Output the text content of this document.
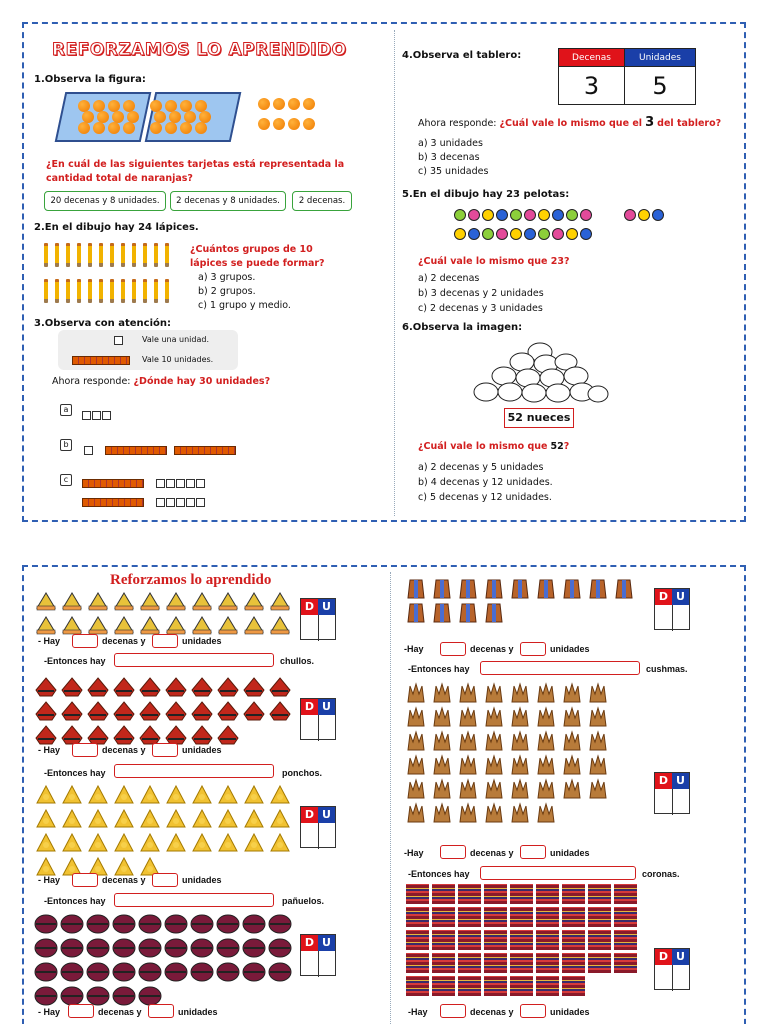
REFORZAMOS LO APRENDIDO
1.Observa la figura:
¿En cuál de las siguientes tarjetas está representada la cantidad total de naranjas?
20 decenas y 8 unidades.	2 decenas y 8 unidades.	2 decenas.
2.En el dibujo hay 24 lápices.
¿Cuántos grupos de 10 lápices se puede formar?
a) 3 grupos.
b) 2 grupos.
c) 1 grupo y medio.
3.Observa con atención:
Vale una unidad.
Vale 10 unidades.
Ahora responde: ¿Dónde hay 30 unidades?
a
b

c

4.Observa el tablero:	Decenas	Unidades
3	5
Ahora responde: ¿Cuál vale lo mismo que el 3 del tablero?
a) 3 unidades
b) 3 decenas
c) 35 unidades
5.En el dibujo hay 23 pelotas:
¿Cuál vale lo mismo que 23?
a) 2 decenas
b) 3 decenas y 2 unidades
c) 2 decenas y 3 unidades
6.Observa la imagen:
52 nueces
¿Cuál vale lo mismo que 52?
a) 2 decenas y 5 unidades
b) 4 decenas y 12 unidades.
c) 5 decenas y 12 unidades.
Reforzamos lo aprendido
D U
- Hay	decenas y	unidades
-Entonces hay	chullos.
D U
- Hay	decenas y	unidades
-Entonces hay	ponchos.
D U
- Hay	decenas y	unidades
-Entonces hay	pañuelos.
D U
- Hay	decenas y	unidades
D U
-Hay	decenas y	unidades
-Entonces hay	cushmas.
D U
-Hay	decenas y	unidades
-Entonces hay	coronas.
D U
-Hay	decenas y	unidades
